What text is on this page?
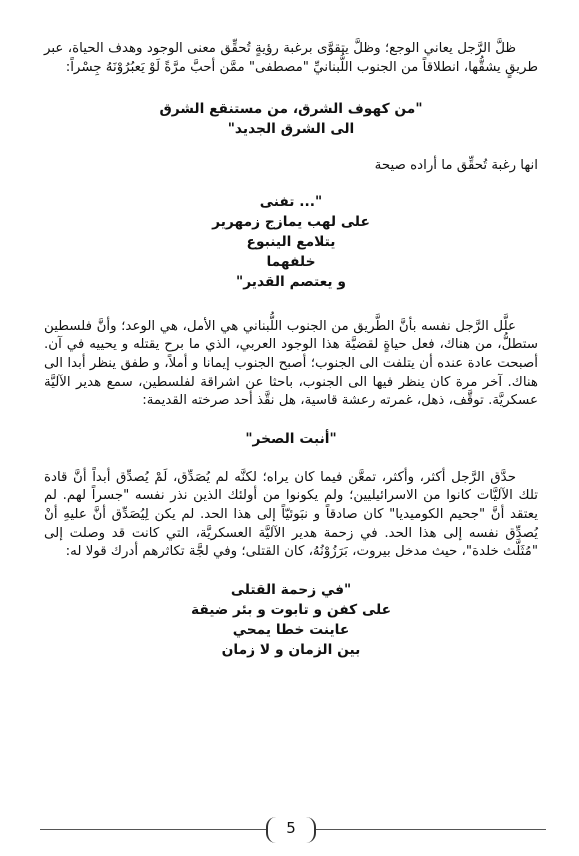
ظلَّ الرَّجل يعاني الوجع؛ وظلَّ يتقوَّى برغبة رؤيةٍ تُحقِّق معنى الوجود وهدف الحياة، عبر طريقٍ يشقُّها، انطلاقاً من الجنوب اللُّبنانيِّ "مصطفى" ممَّن أحبَّ مرَّةً لَوْ يَعبُرُوْنَهُ جِسْراً:

"من كهوف الشرق، من مستنقع الشرق

الى الشرق الجديد"

انها رغبة تُحقِّق ما أراده صيحة

"... تفنى

على لهب يمازج زمهرير

يتلامع الينبوع

خلفهما

و يعتصم القدير"

علَّل الرَّجل نفسه بأنَّ الطَّريق من الجنوب اللُّبناني هي الأمل، هي الوعد؛ وأنَّ فلسطين ستطلُّ، من هناك، فعل حياةٍ لقضيَّة هذا الوجود العربي، الذي ما برح يقتله و يحييه في آن. أصبحت عادة عنده أن يتلفت الى الجنوب؛ أصبح الجنوب إيمانا و أملاً، و طفق ينظر أبدا الى هناك. آخر مرة كان ينظر فيها الى الجنوب، باحثا عن اشراقة لفلسطين، سمع هدير الآليَّة عسكريَّة. توقَّف، ذهل، غمرته رعشة قاسية، هل نقَّذ أحد صرخته القديمة:

"أنبت الصخر"

حدَّق الرَّجل أكثر، وأكثر، تمعَّن فيما كان يراه؛ لكنَّه لم يُصَدِّق، لَمْ يُصدِّق أبداً أنَّ قادة تلك الآليَّات كانوا من الاسرائيليين؛ ولم يكونوا من أولئك الذين نذر نفسه "جسراً لهم. لم يعتقد أنَّ "جحيم الكوميديا" كان صادقاً و نبَوئيّاً إلى هذا الحد. لم يكن لِيُصَدِّق أنَّ عليهِ أنْ يُصدِّق نفسه إلى هذا الحد. في زحمة هدير الآليَّة العسكريَّة، التي كانت قد وصلت إلى "مُثَلَّث خلدة"، حيث مدخل بيروت، بَرَزُوْنُهُ، كان القتلى؛ وفي لجَّة تكاثرهم أدرك قولا له:

"في زحمة القتلى

على كفن و تابوت و بئر ضيقة

عاينت خطا يمحي

بين الزمان و لا زمان

5
